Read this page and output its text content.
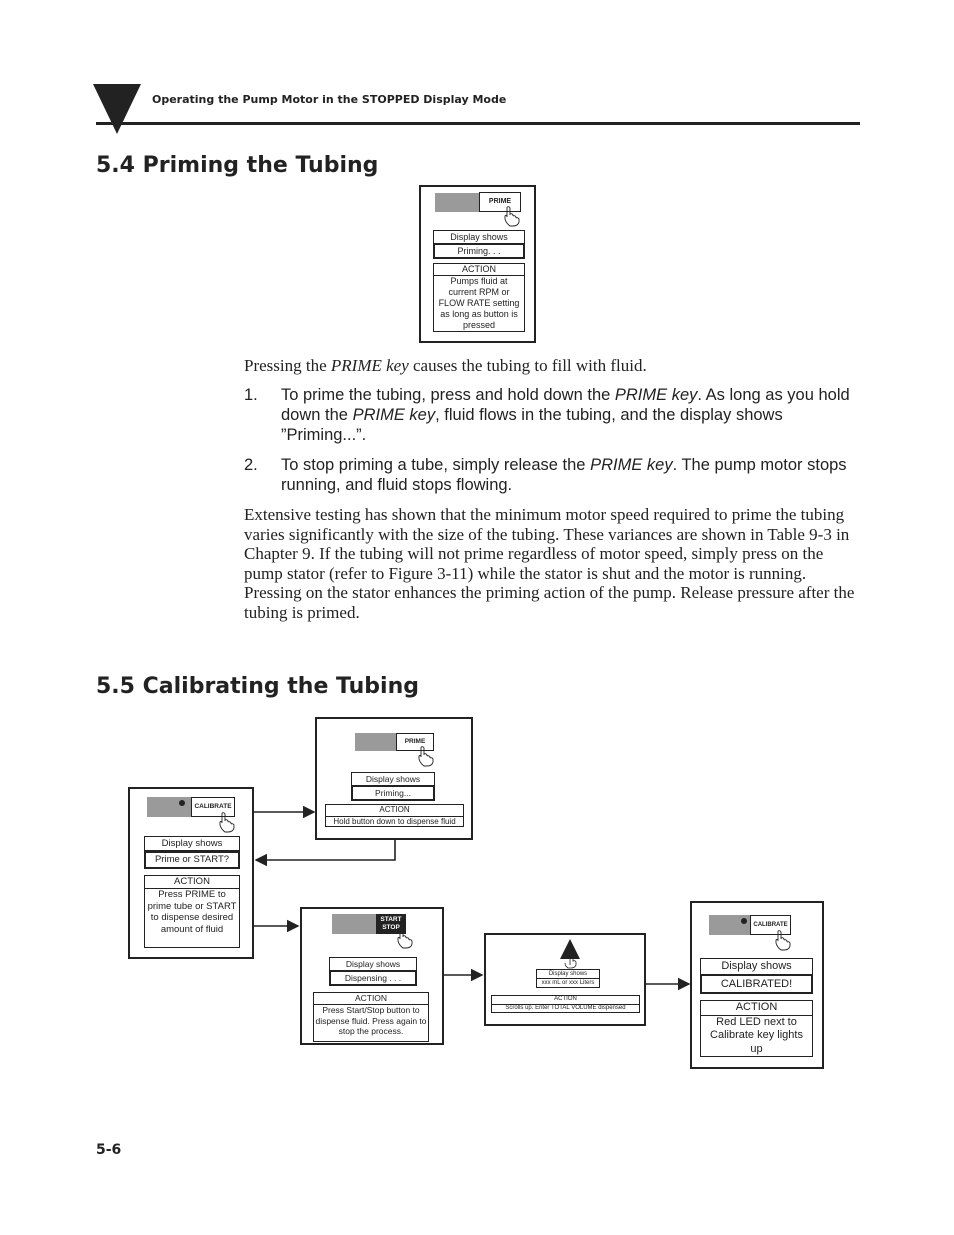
Operating the Pump Motor in the STOPPED Display Mode
5.4 Priming the Tubing
PRIME
Display shows
Priming. . .
ACTION
Pumps fluid at current RPM or FLOW RATE setting as long as button is pressed
Pressing the PRIME key causes the tubing to fill with fluid.
1. To prime the tubing, press and hold down the PRIME key. As long as you hold down the PRIME key, fluid flows in the tubing, and the display shows ”Priming...”.
2. To stop priming a tube, simply release the PRIME key. The pump motor stops running, and fluid stops flowing.
Extensive testing has shown that the minimum motor speed required to prime the tubing varies significantly with the size of the tubing. These variances are shown in Table 9-3 in Chapter 9. If the tubing will not prime regardless of motor speed, simply press on the pump stator (refer to Figure 3-11) while the stator is shut and the motor is running. Pressing on the stator enhances the priming action of the pump. Release pressure after the tubing is primed.
5.5 Calibrating the Tubing
CALIBRATE
Display shows
Prime or START?
ACTION
Press PRIME to prime tube or START to dispense desired amount of fluid
PRIME
Display shows
Priming...
ACTION
Hold button down to dispense fluid
START
STOP
Display shows
Dispensing . . .
ACTION
Press Start/Stop button to dispense fluid. Press again to stop the process.
Display shows
xxx mL or xxx Liters
ACTION
Scrolls up. Enter TOTAL VOLUME dispensed
CALIBRATE
Display shows
CALIBRATED!
ACTION
Red LED next to Calibrate key lights up
5-6
